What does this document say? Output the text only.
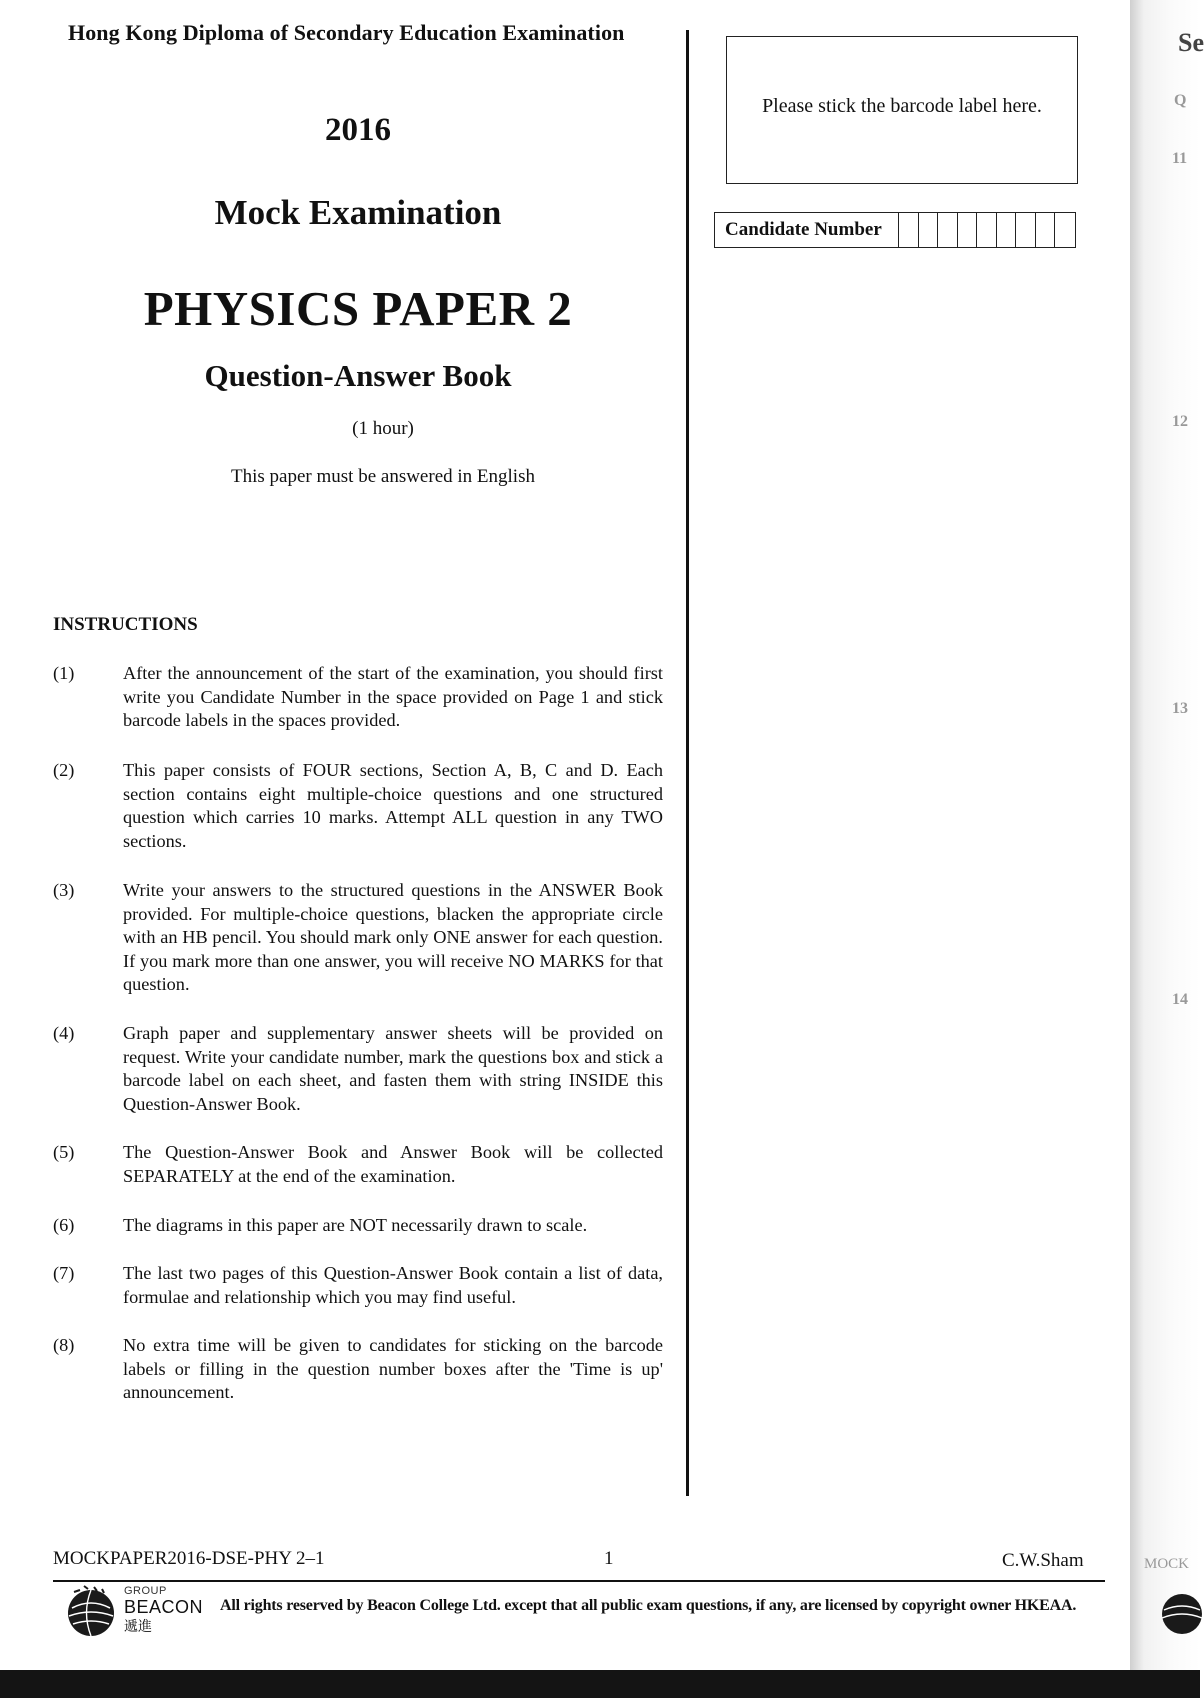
Hong Kong Diploma of Secondary Education Examination
2016
Mock Examination
PHYSICS PAPER 2
Question-Answer Book
(1 hour)
This paper must be answered in English
INSTRUCTIONS
(1)	After the announcement of the start of the examination, you should first write you Candidate Number in the space provided on Page 1 and stick barcode labels in the spaces provided.
(2)	This paper consists of FOUR sections, Section A, B, C and D. Each section contains eight multiple-choice questions and one structured question which carries 10 marks. Attempt ALL question in any TWO sections.
(3)	Write your answers to the structured questions in the ANSWER Book provided. For multiple-choice questions, blacken the appropriate circle with an HB pencil. You should mark only ONE answer for each question. If you mark more than one answer, you will receive NO MARKS for that question.
(4)	Graph paper and supplementary answer sheets will be provided on request. Write your candidate number, mark the questions box and stick a barcode label on each sheet, and fasten them with string INSIDE this Question-Answer Book.
(5)	The Question-Answer Book and Answer Book will be collected SEPARATELY at the end of the examination.
(6)	The diagrams in this paper are NOT necessarily drawn to scale.
(7)	The last two pages of this Question-Answer Book contain a list of data, formulae and relationship which you may find useful.
(8)	No extra time will be given to candidates for sticking on the barcode labels or filling in the question number boxes after the 'Time is up' announcement.
Please stick the barcode label here.
Candidate Number
MOCKPAPER2016-DSE-PHY 2–1	1	C.W.Sham
GROUP
BEACON
遞進
All rights reserved by Beacon College Ltd. except that all public exam questions, if any, are licensed by copyright owner HKEAA.
Se
Q
11
12
13
14
MOCK
